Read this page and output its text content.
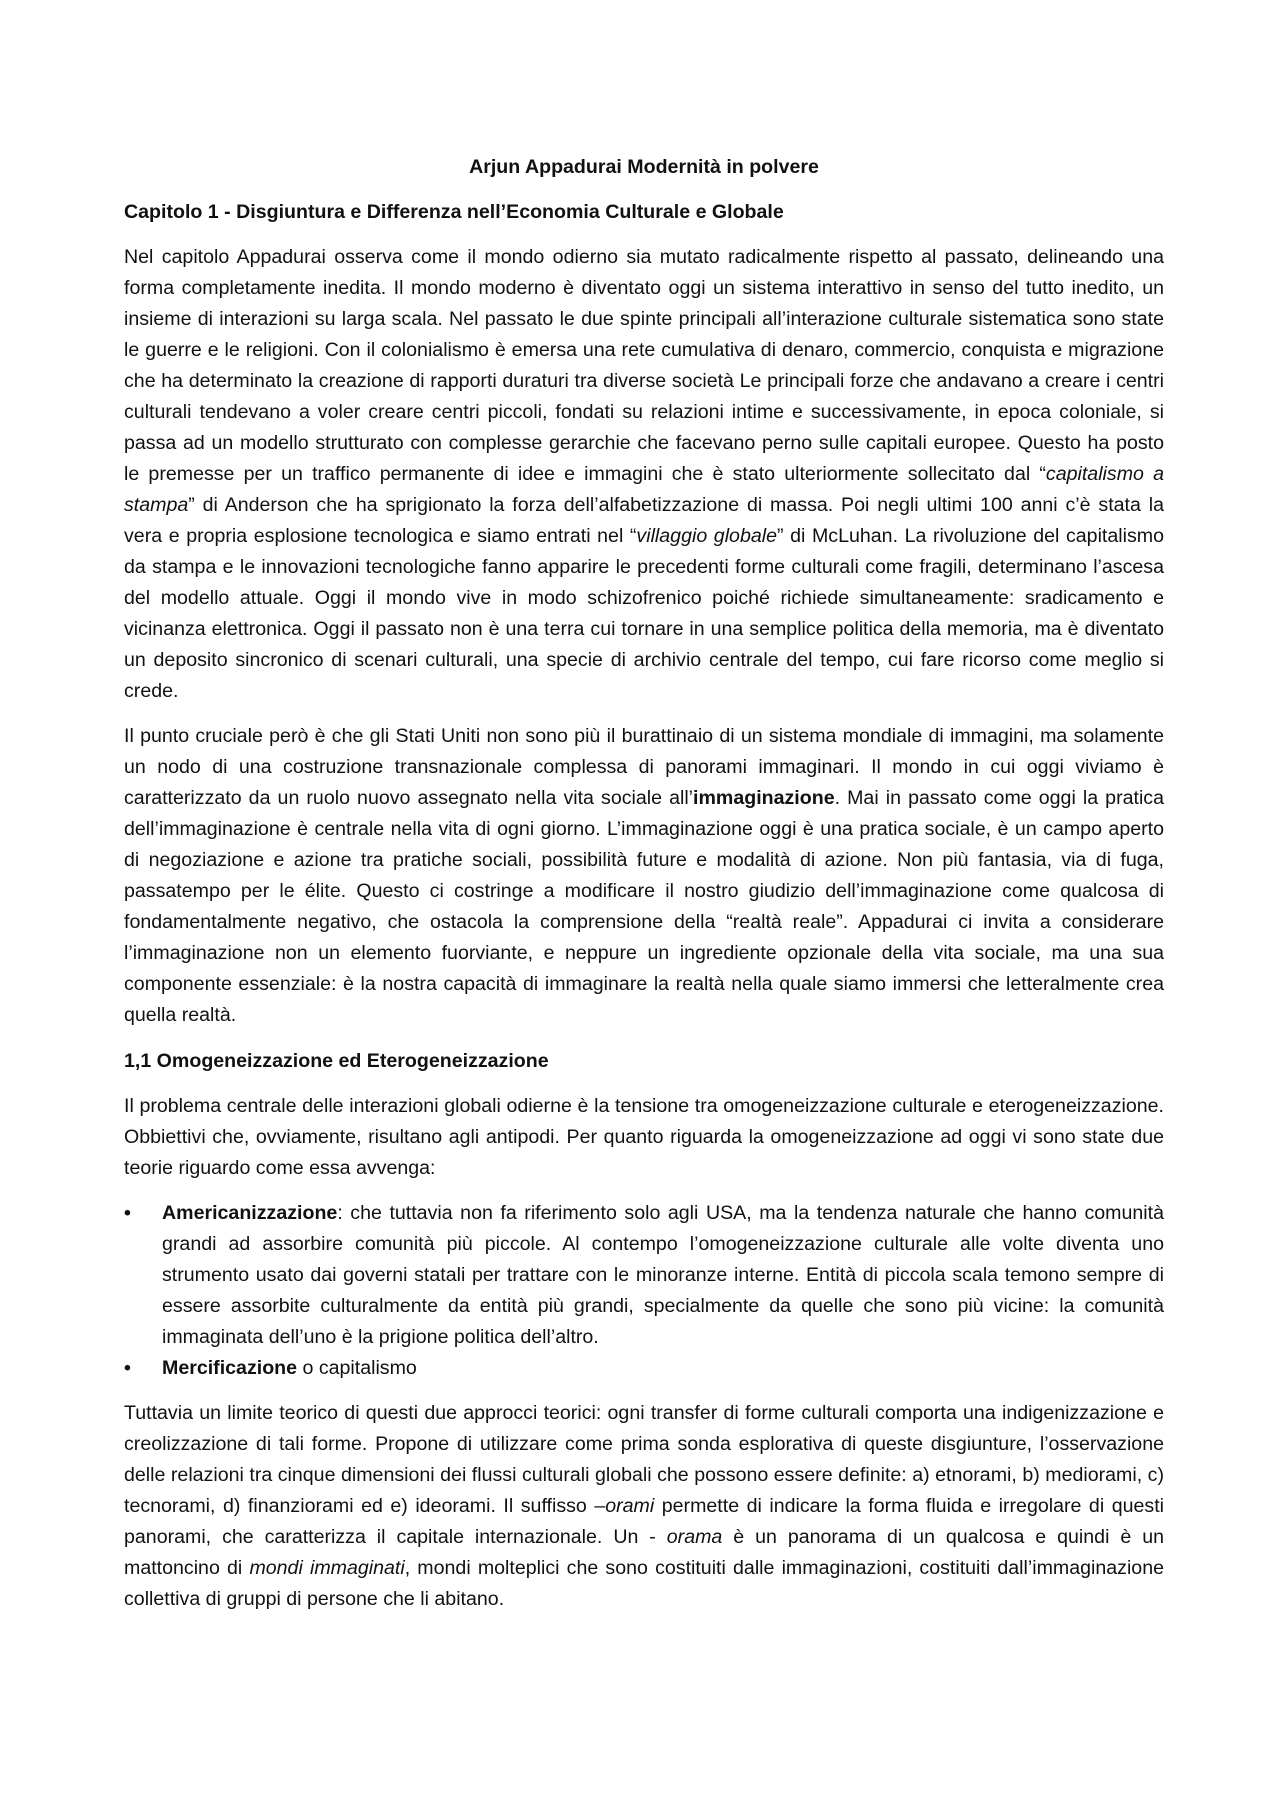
Arjun Appadurai Modernità in polvere
Capitolo 1 - Disgiuntura e Differenza nell’Economia Culturale e Globale

Nel capitolo Appadurai osserva come il mondo odierno sia mutato radicalmente rispetto al passato, delineando una forma completamente inedita. Il mondo moderno è diventato oggi un sistema interattivo in senso del tutto inedito, un insieme di interazioni su larga scala. Nel passato le due spinte principali all’interazione culturale sistematica sono state le guerre e le religioni. Con il colonialismo è emersa una rete cumulativa di denaro, commercio, conquista e migrazione che ha determinato la creazione di rapporti duraturi tra diverse società Le principali forze che andavano a creare i centri culturali tendevano a voler creare centri piccoli, fondati su relazioni intime e successivamente, in epoca coloniale, si passa ad un modello strutturato con complesse gerarchie che facevano perno sulle capitali europee. Questo ha posto le premesse per un traffico permanente di idee e immagini che è stato ulteriormente sollecitato dal “capitalismo a stampa” di Anderson che ha sprigionato la forza dell’alfabetizzazione di massa. Poi negli ultimi 100 anni c’è stata la vera e propria esplosione tecnologica e siamo entrati nel “villaggio globale” di McLuhan. La rivoluzione del capitalismo da stampa e le innovazioni tecnologiche fanno apparire le precedenti forme culturali come fragili, determinano l’ascesa del modello attuale. Oggi il mondo vive in modo schizofrenico poiché richiede simultaneamente: sradicamento e vicinanza elettronica. Oggi il passato non è una terra cui tornare in una semplice politica della memoria, ma è diventato un deposito sincronico di scenari culturali, una specie di archivio centrale del tempo, cui fare ricorso come meglio si crede.

Il punto cruciale però è che gli Stati Uniti non sono più il burattinaio di un sistema mondiale di immagini, ma solamente un nodo di una costruzione transnazionale complessa di panorami immaginari. Il mondo in cui oggi viviamo è caratterizzato da un ruolo nuovo assegnato nella vita sociale all’immaginazione. Mai in passato come oggi la pratica dell’immaginazione è centrale nella vita di ogni giorno. L’immaginazione oggi è una pratica sociale, è un campo aperto di negoziazione e azione tra pratiche sociali, possibilità future e modalità di azione. Non più fantasia, via di fuga, passatempo per le élite. Questo ci costringe a modificare il nostro giudizio dell’immaginazione come qualcosa di fondamentalmente negativo, che ostacola la comprensione della “realtà reale”. Appadurai ci invita a considerare l’immaginazione non un elemento fuorviante, e neppure un ingrediente opzionale della vita sociale, ma una sua componente essenziale: è la nostra capacità di immaginare la realtà nella quale siamo immersi che letteralmente crea quella realtà.

1,1 Omogeneizzazione ed Eterogeneizzazione

Il problema centrale delle interazioni globali odierne è la tensione tra omogeneizzazione culturale e eterogeneizzazione. Obbiettivi che, ovviamente, risultano agli antipodi. Per quanto riguarda la omogeneizzazione ad oggi vi sono state due teorie riguardo come essa avvenga:

• Americanizzazione: che tuttavia non fa riferimento solo agli USA, ma la tendenza naturale che hanno comunità grandi ad assorbire comunità più piccole. Al contempo l’omogeneizzazione culturale alle volte diventa uno strumento usato dai governi statali per trattare con le minoranze interne. Entità di piccola scala temono sempre di essere assorbite culturalmente da entità più grandi, specialmente da quelle che sono più vicine: la comunità immaginata dell’uno è la prigione politica dell’altro.
• Mercificazione o capitalismo

Tuttavia un limite teorico di questi due approcci teorici: ogni transfer di forme culturali comporta una indigenizzazione e creolizzazione di tali forme. Propone di utilizzare come prima sonda esplorativa di queste disgiunture, l’osservazione delle relazioni tra cinque dimensioni dei flussi culturali globali che possono essere definite: a) etnorami, b) mediorami, c) tecnorami, d) finanziorami ed e) ideorami. Il suffisso –orami permette di indicare la forma fluida e irregolare di questi panorami, che caratterizza il capitale internazionale. Un - orama è un panorama di un qualcosa e quindi è un mattoncino di mondi immaginati, mondi molteplici che sono costituiti dalle immaginazioni, costituiti dall’immaginazione collettiva di gruppi di persone che li abitano.
